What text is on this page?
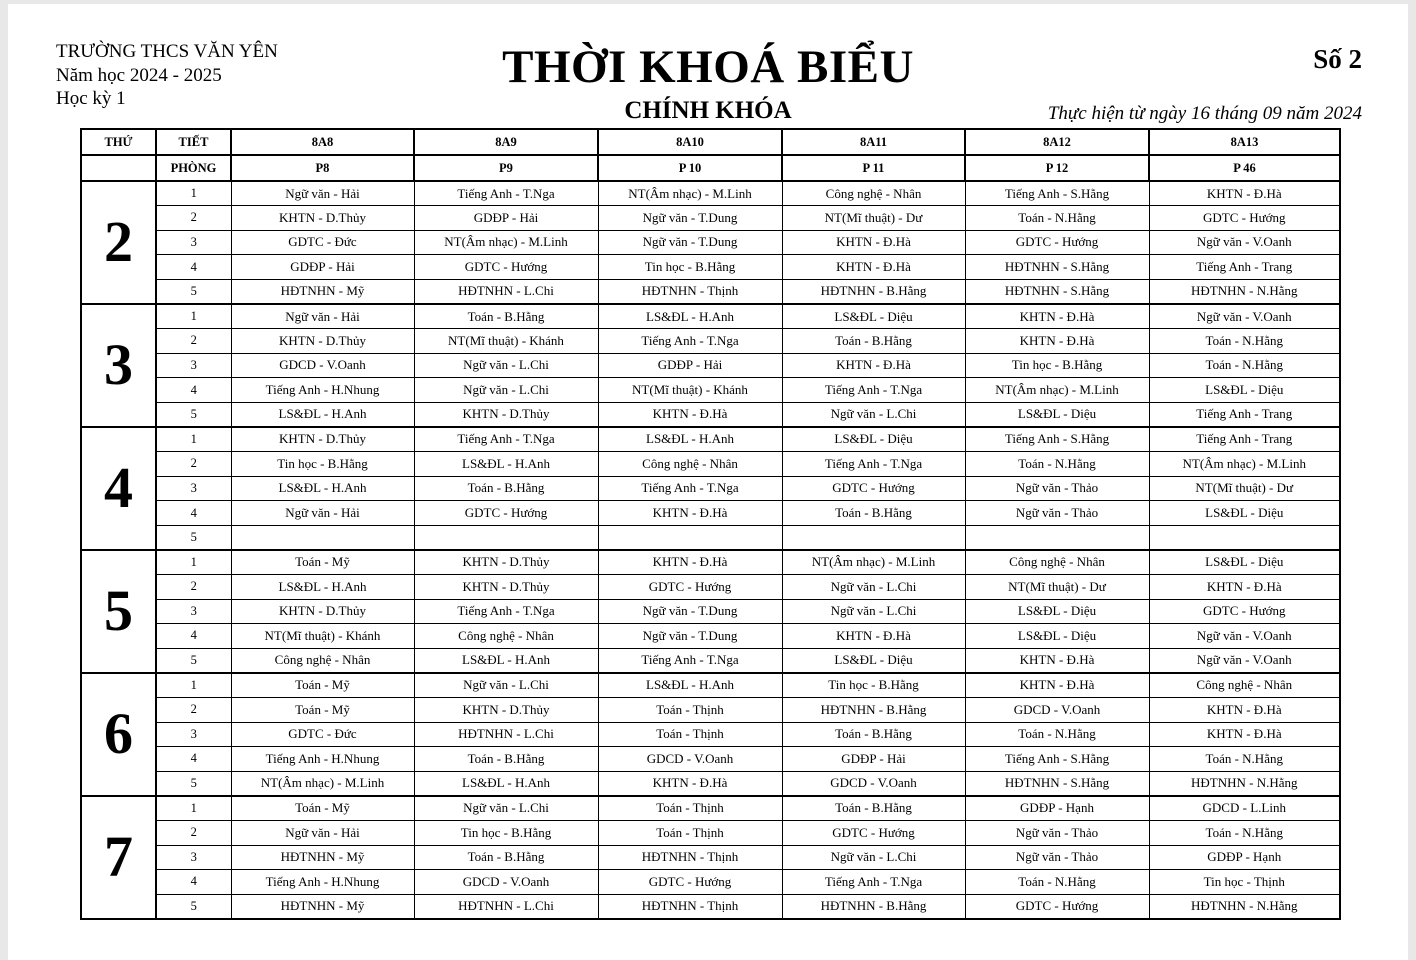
TRƯỜNG THCS VĂN YÊN
Năm học 2024 - 2025
Học kỳ 1
THỜI KHOÁ BIỂU
CHÍNH KHÓA
Số 2
Thực hiện từ ngày 16 tháng 09 năm 2024
THỨ	TIẾT	8A8	8A9	8A10	8A11	8A12	8A13
	PHÒNG	P8	P9	P 10	P 11	P 12	P 46
2	1	Ngữ văn - Hải	Tiếng Anh - T.Nga	NT(Âm nhạc) - M.Linh	Công nghệ - Nhân	Tiếng Anh - S.Hằng	KHTN - Đ.Hà
	2	KHTN - D.Thủy	GDĐP - Hải	Ngữ văn - T.Dung	NT(Mĩ thuật) - Dư	Toán - N.Hằng	GDTC - Hướng
	3	GDTC - Đức	NT(Âm nhạc) - M.Linh	Ngữ văn - T.Dung	KHTN - Đ.Hà	GDTC - Hướng	Ngữ văn - V.Oanh
	4	GDĐP - Hải	GDTC - Hướng	Tin học - B.Hằng	KHTN - Đ.Hà	HĐTNHN - S.Hằng	Tiếng Anh - Trang
	5	HĐTNHN - Mỹ	HĐTNHN - L.Chi	HĐTNHN - Thịnh	HĐTNHN - B.Hằng	HĐTNHN - S.Hằng	HĐTNHN - N.Hằng
3	1	Ngữ văn - Hải	Toán - B.Hằng	LS&ĐL - H.Anh	LS&ĐL - Diệu	KHTN - Đ.Hà	Ngữ văn - V.Oanh
	2	KHTN - D.Thủy	NT(Mĩ thuật) - Khánh	Tiếng Anh - T.Nga	Toán - B.Hằng	KHTN - Đ.Hà	Toán - N.Hằng
	3	GDCD - V.Oanh	Ngữ văn - L.Chi	GDĐP - Hải	KHTN - Đ.Hà	Tin học - B.Hằng	Toán - N.Hằng
	4	Tiếng Anh - H.Nhung	Ngữ văn - L.Chi	NT(Mĩ thuật) - Khánh	Tiếng Anh - T.Nga	NT(Âm nhạc) - M.Linh	LS&ĐL - Diệu
	5	LS&ĐL - H.Anh	KHTN - D.Thủy	KHTN - Đ.Hà	Ngữ văn - L.Chi	LS&ĐL - Diệu	Tiếng Anh - Trang
4	1	KHTN - D.Thủy	Tiếng Anh - T.Nga	LS&ĐL - H.Anh	LS&ĐL - Diệu	Tiếng Anh - S.Hằng	Tiếng Anh - Trang
	2	Tin học - B.Hằng	LS&ĐL - H.Anh	Công nghệ - Nhân	Tiếng Anh - T.Nga	Toán - N.Hằng	NT(Âm nhạc) - M.Linh
	3	LS&ĐL - H.Anh	Toán - B.Hằng	Tiếng Anh - T.Nga	GDTC - Hướng	Ngữ văn - Thảo	NT(Mĩ thuật) - Dư
	4	Ngữ văn - Hải	GDTC - Hướng	KHTN - Đ.Hà	Toán - B.Hằng	Ngữ văn - Thảo	LS&ĐL - Diệu
	5						
5	1	Toán - Mỹ	KHTN - D.Thủy	KHTN - Đ.Hà	NT(Âm nhạc) - M.Linh	Công nghệ - Nhân	LS&ĐL - Diệu
	2	LS&ĐL - H.Anh	KHTN - D.Thủy	GDTC - Hướng	Ngữ văn - L.Chi	NT(Mĩ thuật) - Dư	KHTN - Đ.Hà
	3	KHTN - D.Thủy	Tiếng Anh - T.Nga	Ngữ văn - T.Dung	Ngữ văn - L.Chi	LS&ĐL - Diệu	GDTC - Hướng
	4	NT(Mĩ thuật) - Khánh	Công nghệ - Nhân	Ngữ văn - T.Dung	KHTN - Đ.Hà	LS&ĐL - Diệu	Ngữ văn - V.Oanh
	5	Công nghệ - Nhân	LS&ĐL - H.Anh	Tiếng Anh - T.Nga	LS&ĐL - Diệu	KHTN - Đ.Hà	Ngữ văn - V.Oanh
6	1	Toán - Mỹ	Ngữ văn - L.Chi	LS&ĐL - H.Anh	Tin học - B.Hằng	KHTN - Đ.Hà	Công nghệ - Nhân
	2	Toán - Mỹ	KHTN - D.Thủy	Toán - Thịnh	HĐTNHN - B.Hằng	GDCD - V.Oanh	KHTN - Đ.Hà
	3	GDTC - Đức	HĐTNHN - L.Chi	Toán - Thịnh	Toán - B.Hằng	Toán - N.Hằng	KHTN - Đ.Hà
	4	Tiếng Anh - H.Nhung	Toán - B.Hằng	GDCD - V.Oanh	GDĐP - Hải	Tiếng Anh - S.Hằng	Toán - N.Hằng
	5	NT(Âm nhạc) - M.Linh	LS&ĐL - H.Anh	KHTN - Đ.Hà	GDCD - V.Oanh	HĐTNHN - S.Hằng	HĐTNHN - N.Hằng
7	1	Toán - Mỹ	Ngữ văn - L.Chi	Toán - Thịnh	Toán - B.Hằng	GDĐP - Hạnh	GDCD - L.Linh
	2	Ngữ văn - Hải	Tin học - B.Hằng	Toán - Thịnh	GDTC - Hướng	Ngữ văn - Thảo	Toán - N.Hằng
	3	HĐTNHN - Mỹ	Toán - B.Hằng	HĐTNHN - Thịnh	Ngữ văn - L.Chi	Ngữ văn - Thảo	GDĐP - Hạnh
	4	Tiếng Anh - H.Nhung	GDCD - V.Oanh	GDTC - Hướng	Tiếng Anh - T.Nga	Toán - N.Hằng	Tin học - Thịnh
	5	HĐTNHN - Mỹ	HĐTNHN - L.Chi	HĐTNHN - Thịnh	HĐTNHN - B.Hằng	GDTC - Hướng	HĐTNHN - N.Hằng
